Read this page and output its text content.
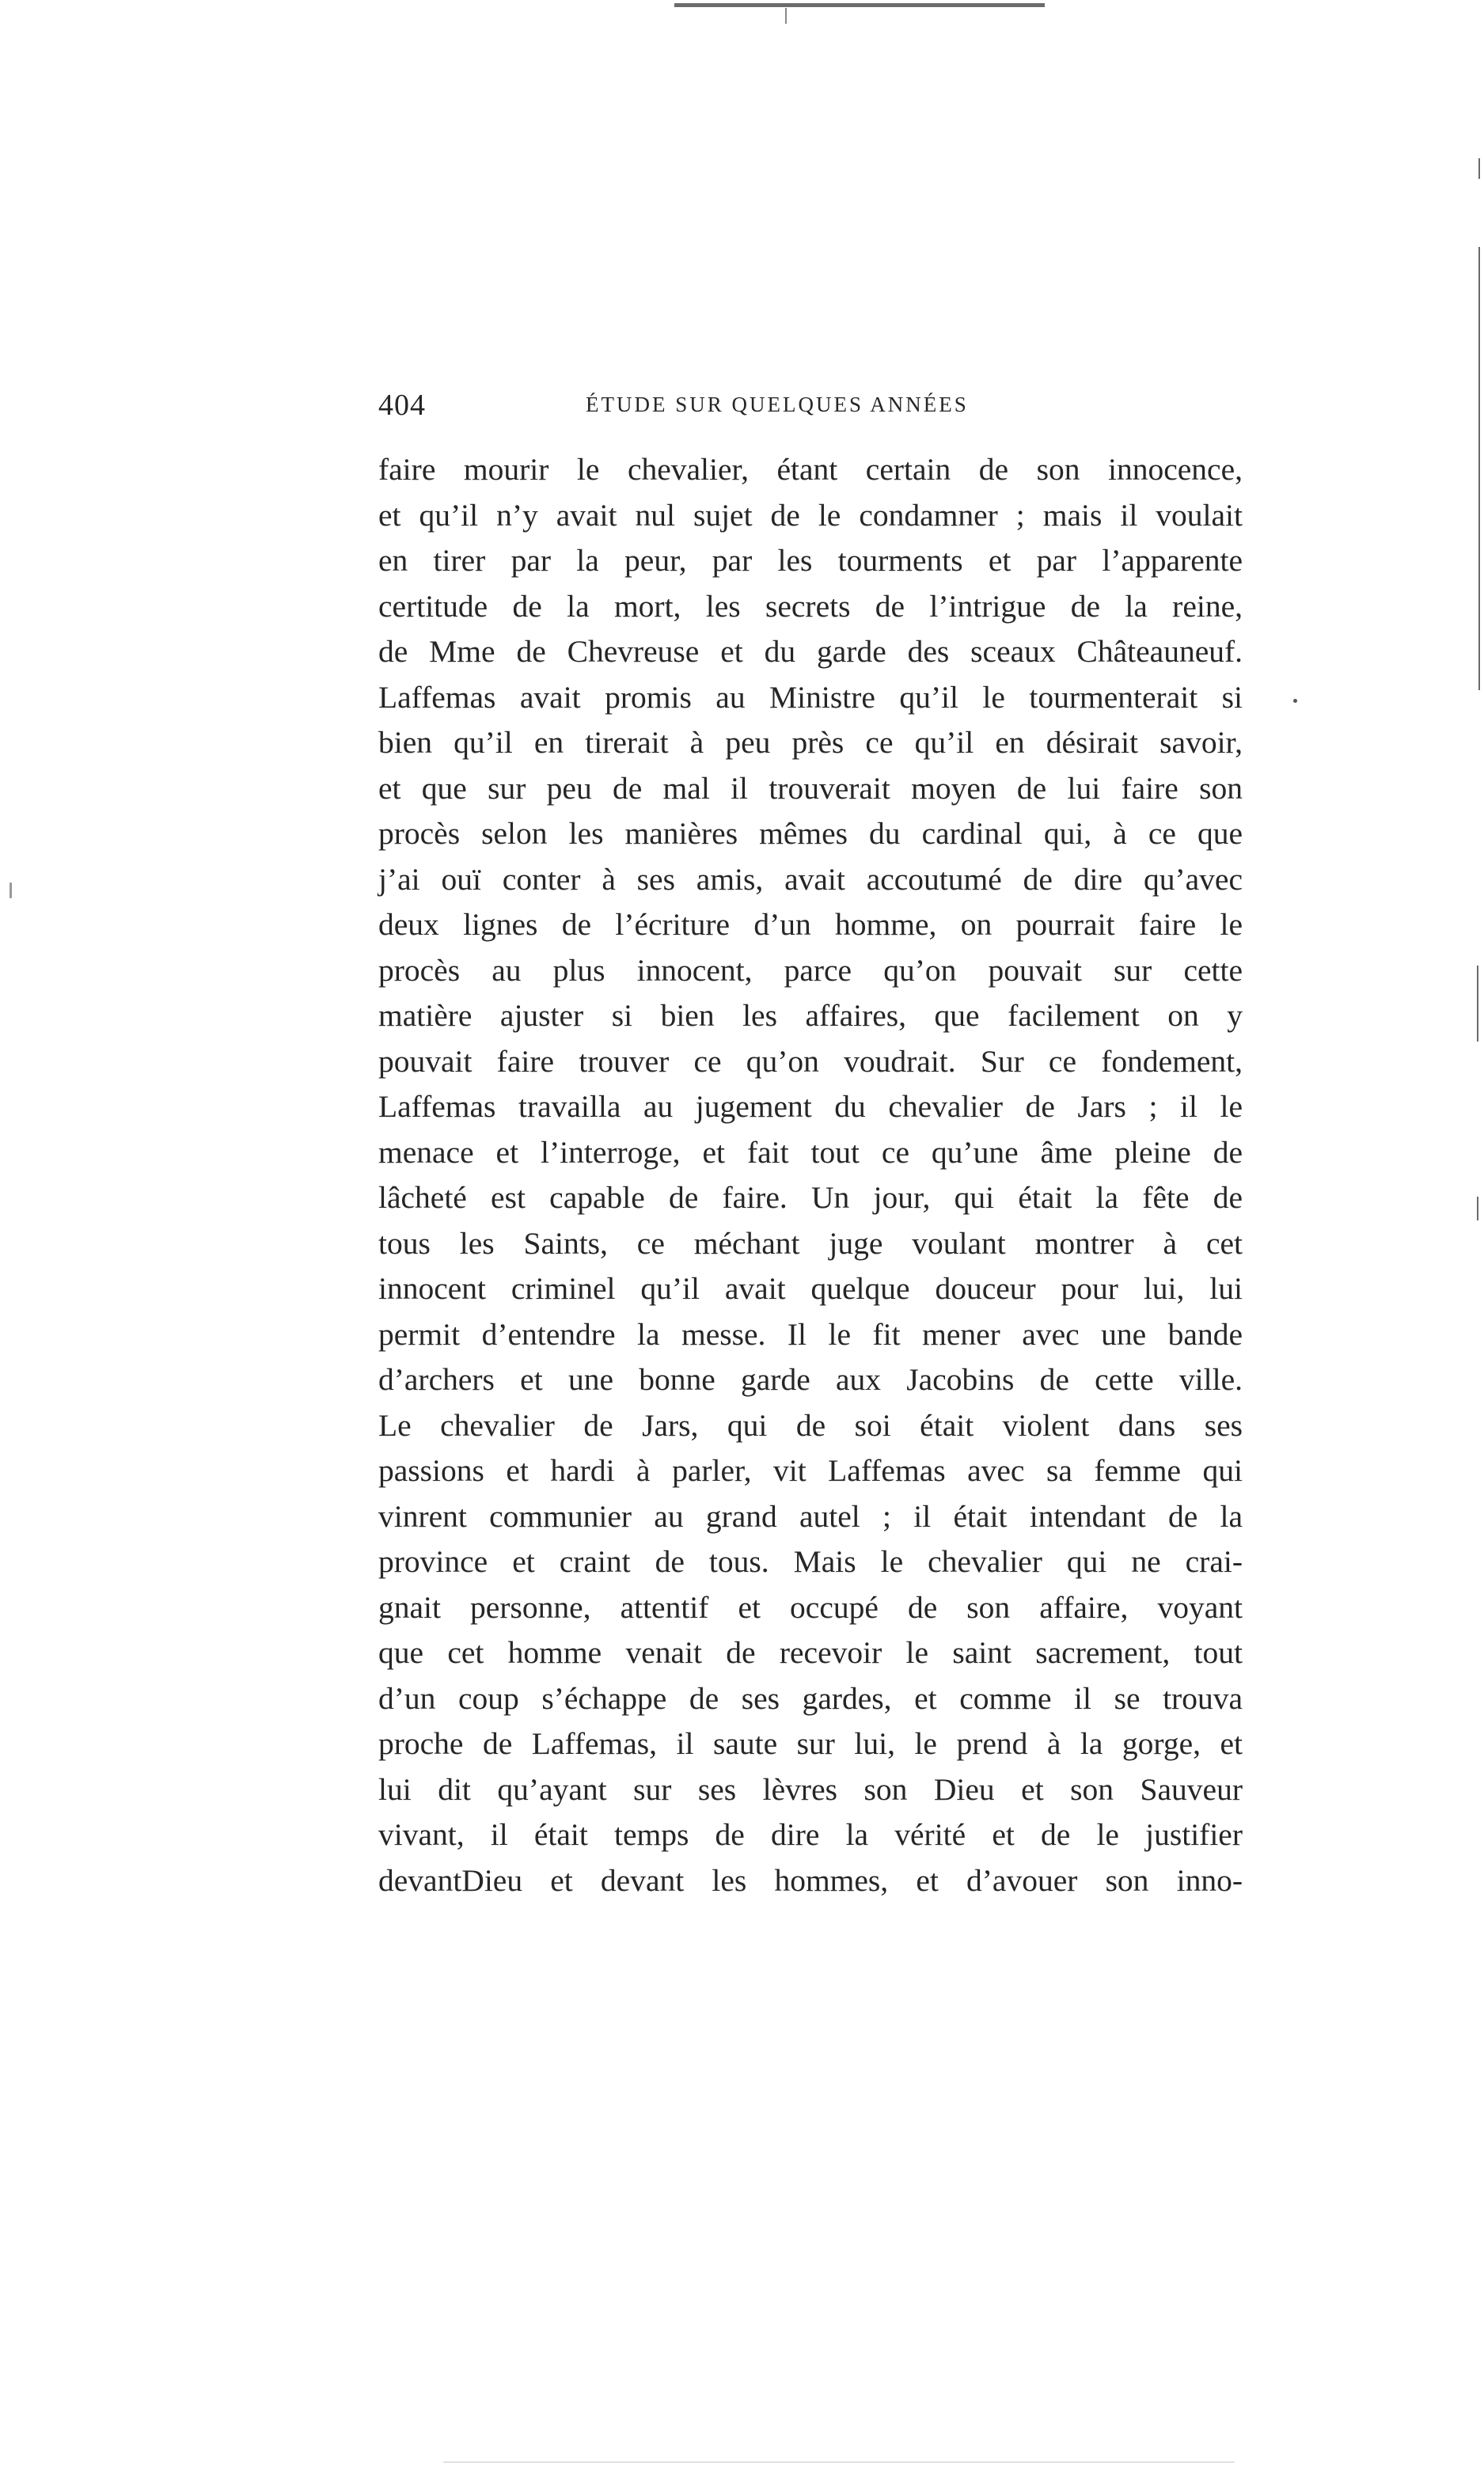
404	ÉTUDE SUR QUELQUES ANNÉES
faire mourir le chevalier, étant certain de son innocence,
et qu’il n’y avait nul sujet de le condamner ; mais il voulait
en tirer par la peur, par les tourments et par l’apparente
certitude de la mort, les secrets de l’intrigue de la reine,
de Mme de Chevreuse et du garde des sceaux Châteauneuf.
Laffemas avait promis au Ministre qu’il le tourmenterait si
bien qu’il en tirerait à peu près ce qu’il en désirait savoir,
et que sur peu de mal il trouverait moyen de lui faire son
procès selon les manières mêmes du cardinal qui, à ce que
j’ai ouï conter à ses amis, avait accoutumé de dire qu’avec
deux lignes de l’écriture d’un homme, on pourrait faire le
procès au plus innocent, parce qu’on pouvait sur cette
matière ajuster si bien les affaires, que facilement on y
pouvait faire trouver ce qu’on voudrait. Sur ce fondement,
Laffemas travailla au jugement du chevalier de Jars ; il le
menace et l’interroge, et fait tout ce qu’une âme pleine de
lâcheté est capable de faire. Un jour, qui était la fête de
tous les Saints, ce méchant juge voulant montrer à cet
innocent criminel qu’il avait quelque douceur pour lui, lui
permit d’entendre la messe. Il le fit mener avec une bande
d’archers et une bonne garde aux Jacobins de cette ville.
Le chevalier de Jars, qui de soi était violent dans ses
passions et hardi à parler, vit Laffemas avec sa femme qui
vinrent communier au grand autel ; il était intendant de la
province et craint de tous. Mais le chevalier qui ne crai-
gnait personne, attentif et occupé de son affaire, voyant
que cet homme venait de recevoir le saint sacrement, tout
d’un coup s’échappe de ses gardes, et comme il se trouva
proche de Laffemas, il saute sur lui, le prend à la gorge, et
lui dit qu’ayant sur ses lèvres son Dieu et son Sauveur
vivant, il était temps de dire la vérité et de le justifier
devantDieu et devant les hommes, et d’avouer son inno-
